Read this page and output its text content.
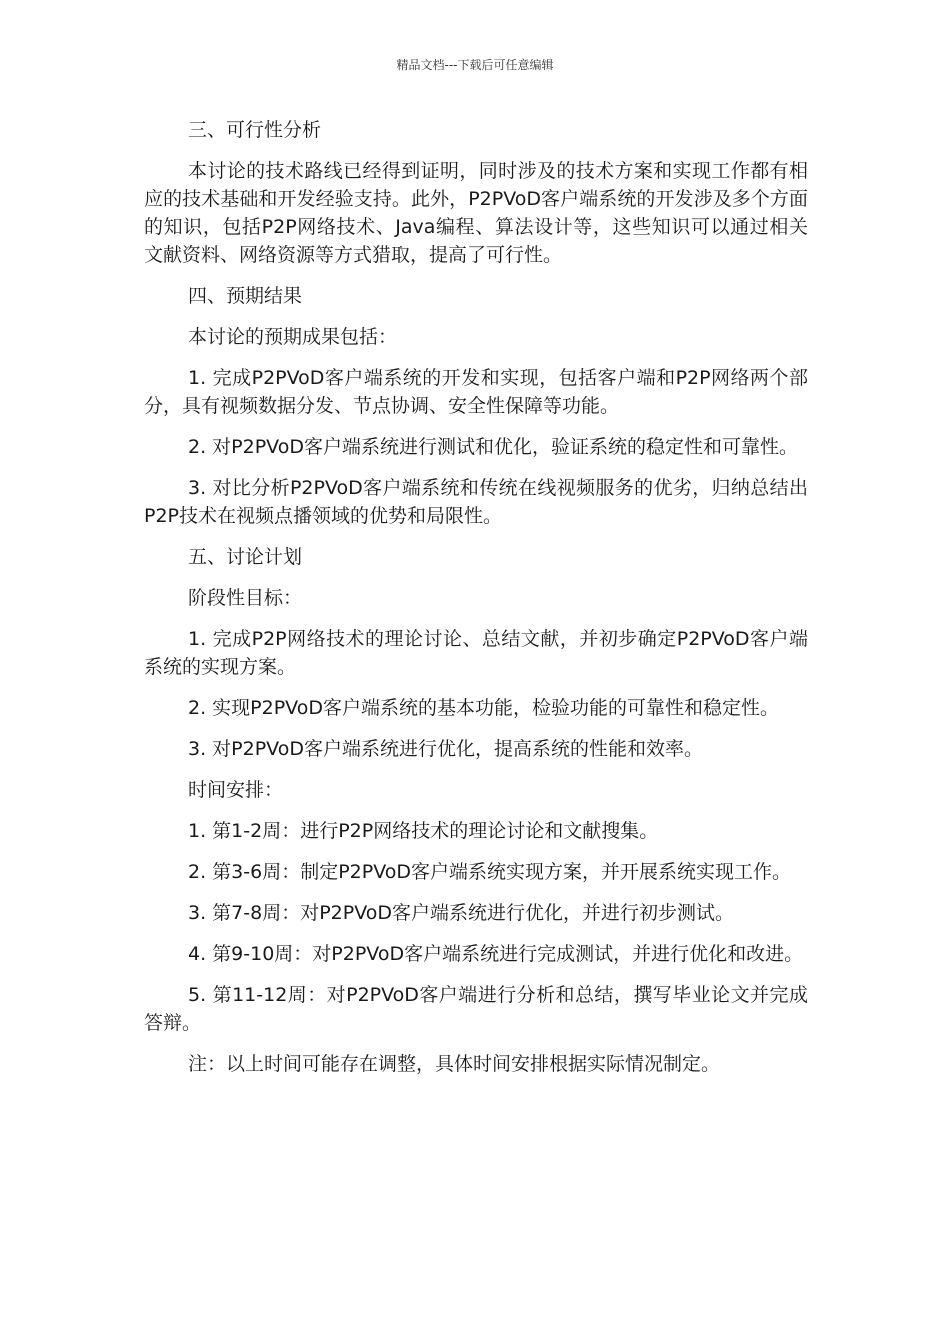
精品文档---下载后可任意编辑

三、可行性分析

本讨论的技术路线已经得到证明，同时涉及的技术方案和实现工作都有相应的技术基础和开发经验支持。此外，P2PVoD客户端系统的开发涉及多个方面的知识，包括P2P网络技术、Java编程、算法设计等，这些知识可以通过相关文献资料、网络资源等方式猎取，提高了可行性。

四、预期结果

本讨论的预期成果包括：

1. 完成P2PVoD客户端系统的开发和实现，包括客户端和P2P网络两个部分，具有视频数据分发、节点协调、安全性保障等功能。

2. 对P2PVoD客户端系统进行测试和优化，验证系统的稳定性和可靠性。

3. 对比分析P2PVoD客户端系统和传统在线视频服务的优劣，归纳总结出P2P技术在视频点播领域的优势和局限性。

五、讨论计划

阶段性目标：

1. 完成P2P网络技术的理论讨论、总结文献，并初步确定P2PVoD客户端系统的实现方案。

2. 实现P2PVoD客户端系统的基本功能，检验功能的可靠性和稳定性。

3. 对P2PVoD客户端系统进行优化，提高系统的性能和效率。

时间安排：

1. 第1-2周：进行P2P网络技术的理论讨论和文献搜集。

2. 第3-6周：制定P2PVoD客户端系统实现方案，并开展系统实现工作。

3. 第7-8周：对P2PVoD客户端系统进行优化，并进行初步测试。

4. 第9-10周：对P2PVoD客户端系统进行完成测试，并进行优化和改进。

5. 第11-12周：对P2PVoD客户端进行分析和总结，撰写毕业论文并完成答辩。

注：以上时间可能存在调整，具体时间安排根据实际情况制定。
